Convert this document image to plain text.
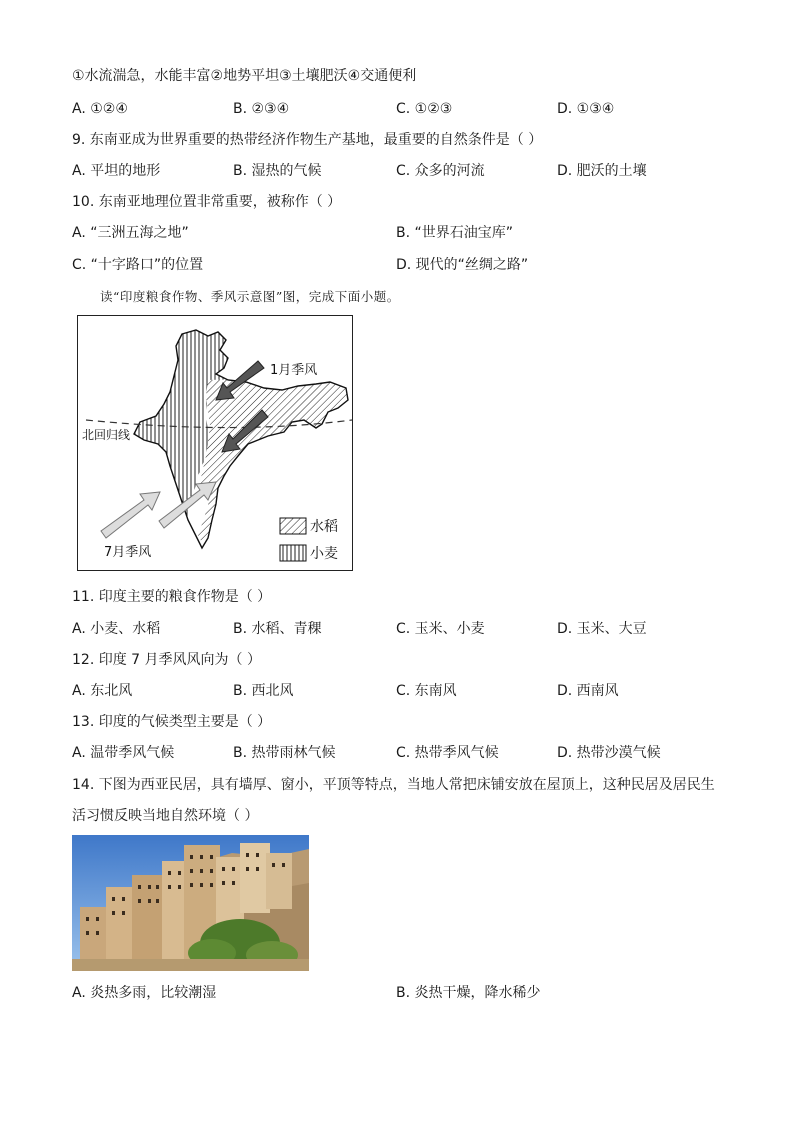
①水流湍急，水能丰富②地势平坦③土壤肥沃④交通便利
A. ①②④	B. ②③④	C. ①②③	D. ①③④
9. 东南亚成为世界重要的热带经济作物生产基地，最重要的自然条件是（ ）
A. 平坦的地形	B. 湿热的气候	C. 众多的河流	D. 肥沃的土壤
10. 东南亚地理位置非常重要，被称作（ ）
A. “三洲五海之地”	B. “世界石油宝库”
C. “十字路口”的位置	D. 现代的“丝绸之路”
读“印度粮食作物、季风示意图”图，完成下面小题。
北回归线
1月季风
7月季风
水稻
小麦
11. 印度主要的粮食作物是（ ）
A. 小麦、水稻	B. 水稻、青稞	C. 玉米、小麦	D. 玉米、大豆
12. 印度 7 月季风风向为（ ）
A. 东北风	B. 西北风	C. 东南风	D. 西南风
13. 印度的气候类型主要是（ ）
A. 温带季风气候	B. 热带雨林气候	C. 热带季风气候	D. 热带沙漠气候
14. 下图为西亚民居，具有墙厚、窗小，平顶等特点，当地人常把床铺安放在屋顶上，这种民居及居民生
活习惯反映当地自然环境（ ）
A. 炎热多雨，比较潮湿	B. 炎热干燥，降水稀少
